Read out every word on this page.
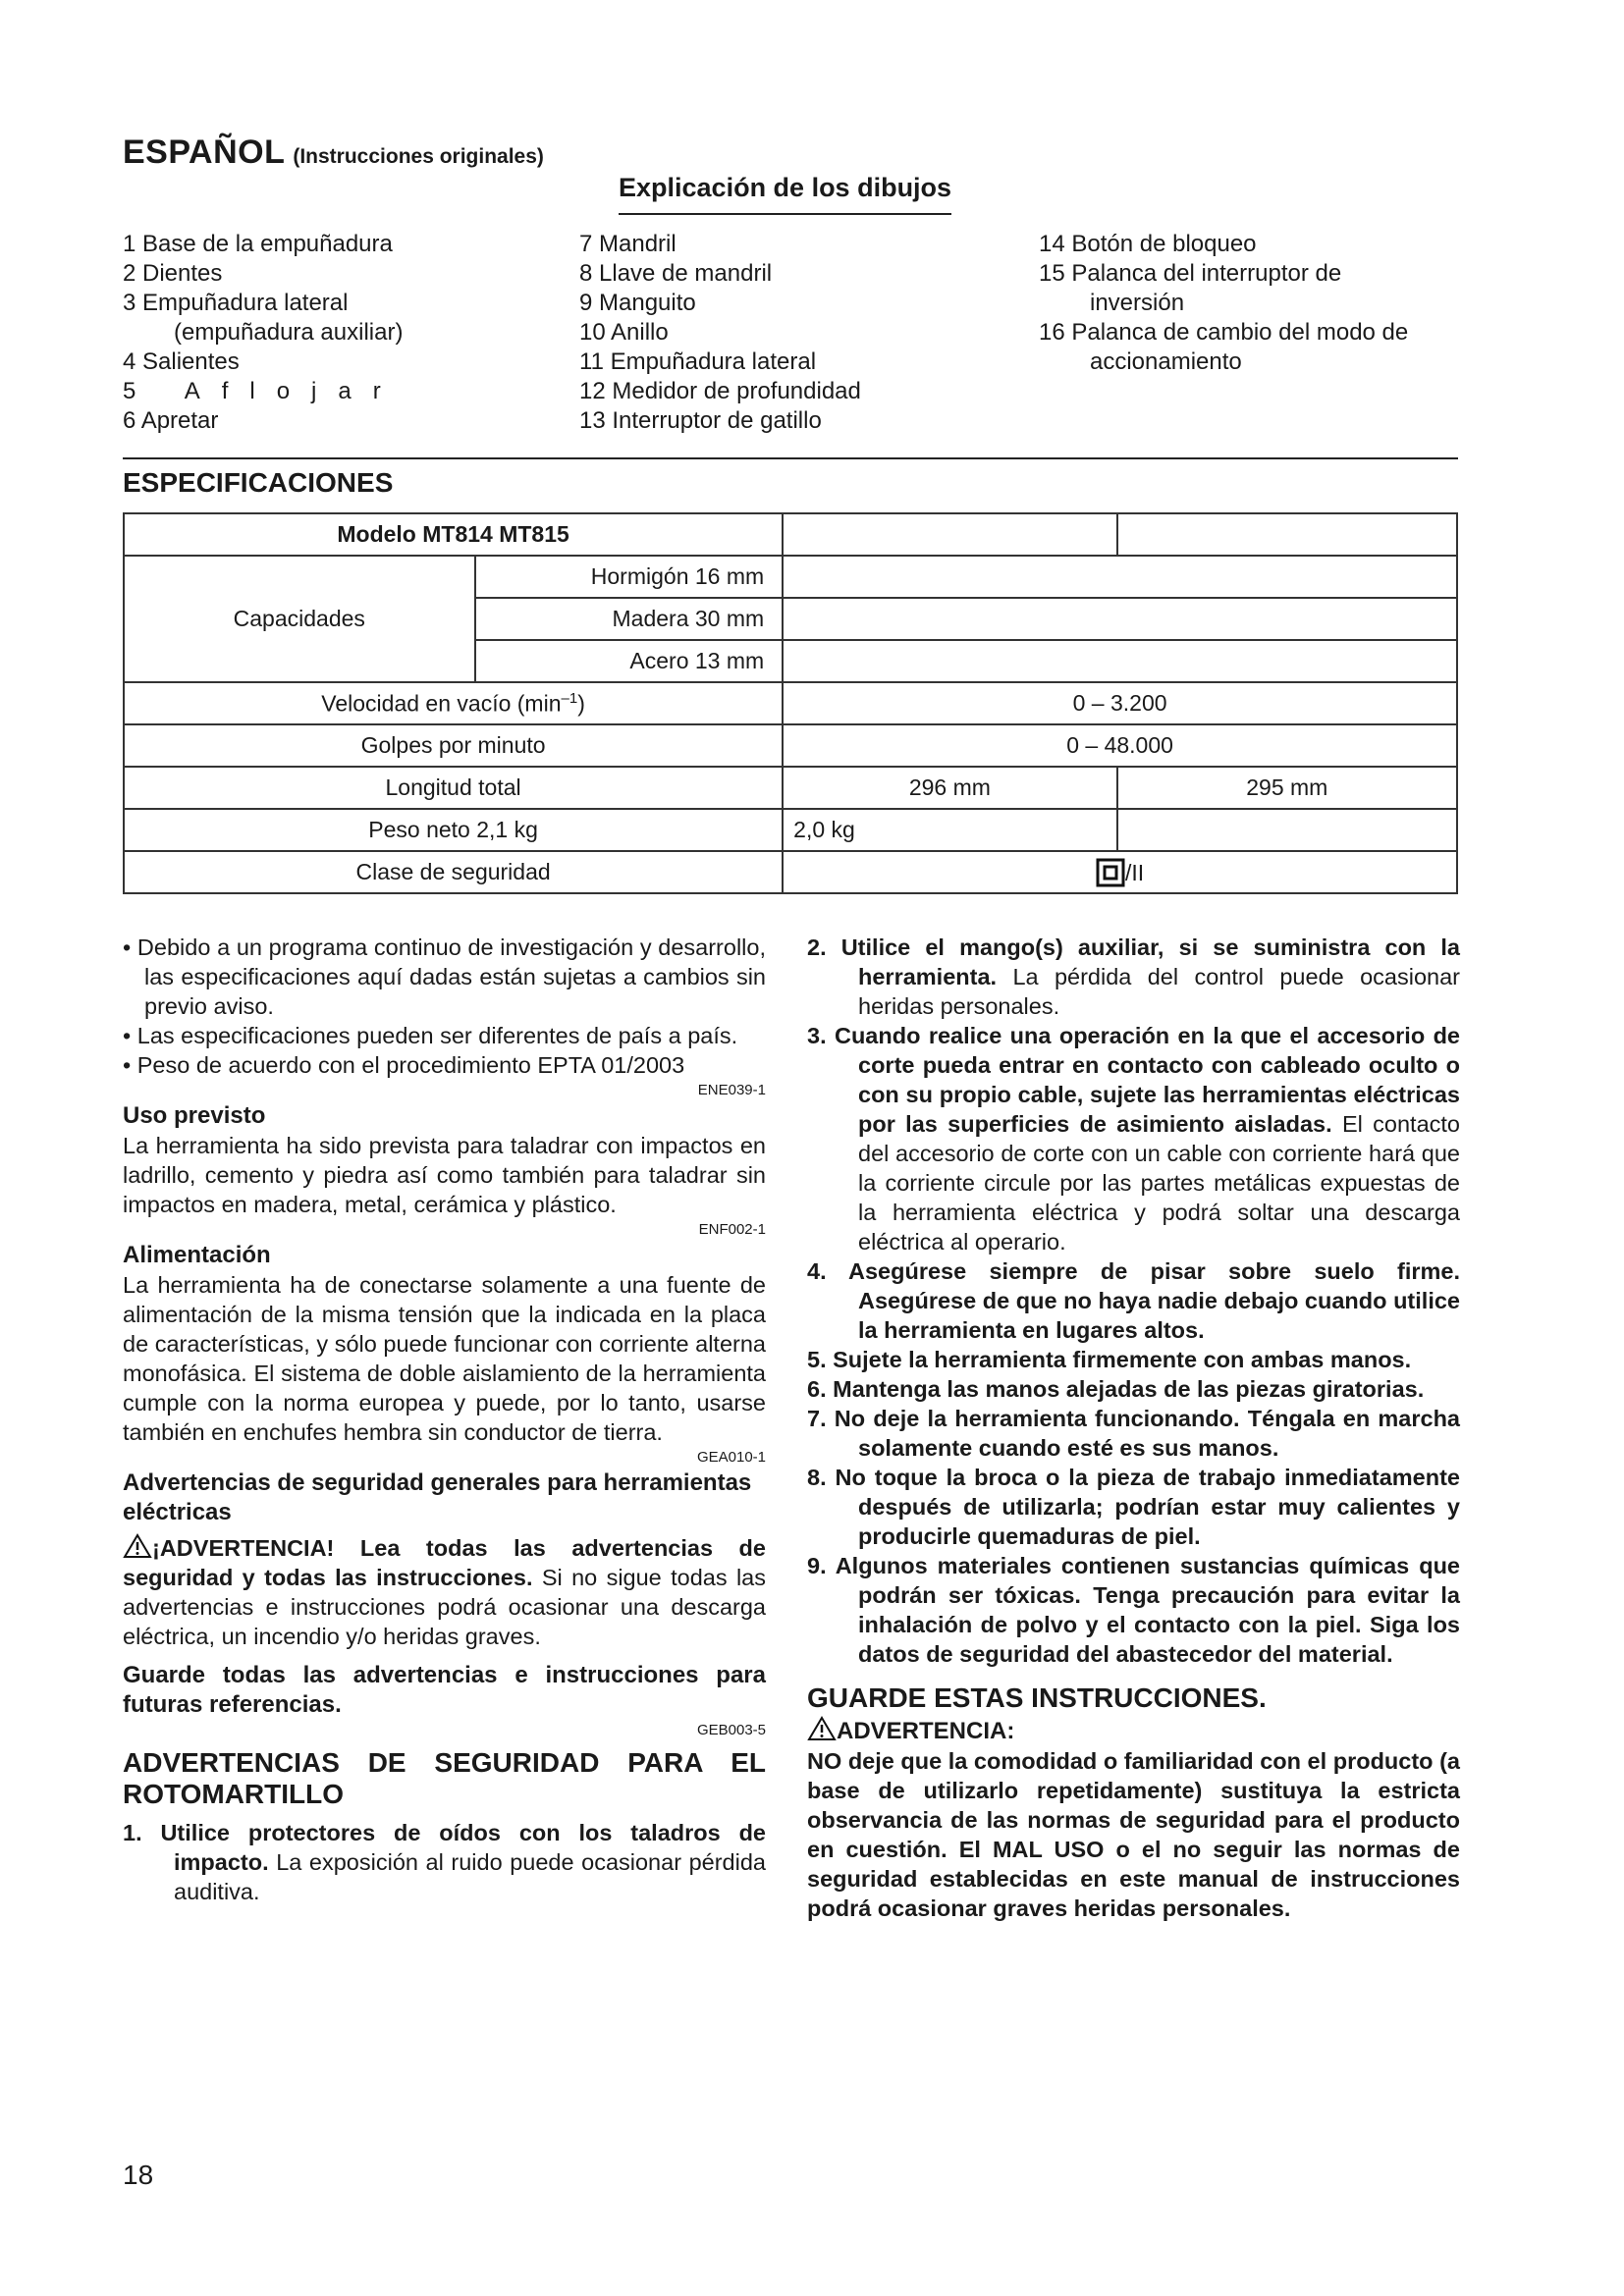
ESPAÑOL (Instrucciones originales)
Explicación de los dibujos
1 Base de la empuñadura
2 Dientes
3 Empuñadura lateral
(empuñadura auxiliar)
4 Salientes
5 Aflojar
6 Apretar
7 Mandril
8 Llave de mandril
9 Manguito
10 Anillo
11 Empuñadura lateral
12 Medidor de profundidad
13 Interruptor de gatillo
14 Botón de bloqueo
15 Palanca del interruptor de
inversión
16 Palanca de cambio del modo de
accionamiento
ESPECIFICACIONES
Modelo MT814 MT815			
Capacidades	Hormigón 16 mm		
	Madera 30 mm		
	Acero 13 mm		
Velocidad en vacío $(\min^{-1})$		0 – 3.200	
Golpes por minuto		0 – 48.000	
Longitud total		296 mm	295 mm
Peso neto 2,1 kg		2,0 kg	
Clase de seguridad		/II	

• Debido a un programa continuo de investigación y desarrollo, las especificaciones aquí dadas están sujetas a cambios sin previo aviso.

• Las especificaciones pueden ser diferentes de país a país.

• Peso de acuerdo con el procedimiento EPTA 01/2003

ENE039-1

Uso previsto

La herramienta ha sido prevista para taladrar con impactos en ladrillo, cemento y piedra así como también para taladrar sin impactos en madera, metal, cerámica y plástico.

ENF002-1

Alimentación

La herramienta ha de conectarse solamente a una fuente de alimentación de la misma tensión que la indicada en la placa de características, y sólo puede funcionar con corriente alterna monofásica. El sistema de doble aislamiento de la herramienta cumple con la norma europea y puede, por lo tanto, usarse también en enchufes hembra sin conductor de tierra.

GEA010-1

Advertencias de seguridad generales para herramientas eléctricas

¡ADVERTENCIA! Lea todas las advertencias de seguridad y todas las instrucciones. Si no sigue todas las advertencias e instrucciones podrá ocasionar una descarga eléctrica, un incendio y/o heridas graves.

Guarde todas las advertencias e instrucciones para futuras referencias.

GEB003-5

ADVERTENCIAS DE SEGURIDAD PARA EL ROTOMARTILLO

1. Utilice protectores de oídos con los taladros de impacto. La exposición al ruido puede ocasionar pérdida auditiva.

2. Utilice el mango(s) auxiliar, si se suministra con la herramienta. La pérdida del control puede ocasionar heridas personales.

3. Cuando realice una operación en la que el accesorio de corte pueda entrar en contacto con cableado oculto o con su propio cable, sujete las herramientas eléctricas por las superficies de asimiento aisladas. El contacto del accesorio de corte con un cable con corriente hará que la corriente circule por las partes metálicas expuestas de la herramienta eléctrica y podrá soltar una descarga eléctrica al operario.

4. Asegúrese siempre de pisar sobre suelo firme. Asegúrese de que no haya nadie debajo cuando utilice la herramienta en lugares altos.

5. Sujete la herramienta firmemente con ambas manos.

6. Mantenga las manos alejadas de las piezas giratorias.

7. No deje la herramienta funcionando. Téngala en marcha solamente cuando esté es sus manos.

8. No toque la broca o la pieza de trabajo inmediatamente después de utilizarla; podrían estar muy calientes y producirle quemaduras de piel.

9. Algunos materiales contienen sustancias químicas que podrán ser tóxicas. Tenga precaución para evitar la inhalación de polvo y el contacto con la piel. Siga los datos de seguridad del abastecedor del material.

GUARDE ESTAS INSTRUCCIONES.

ADVERTENCIA:

NO deje que la comodidad o familiaridad con el producto (a base de utilizarlo repetidamente) sustituya la estricta observancia de las normas de seguridad para el producto en cuestión. El MAL USO o el no seguir las normas de seguridad establecidas en este manual de instrucciones podrá ocasionar graves heridas personales.

18
